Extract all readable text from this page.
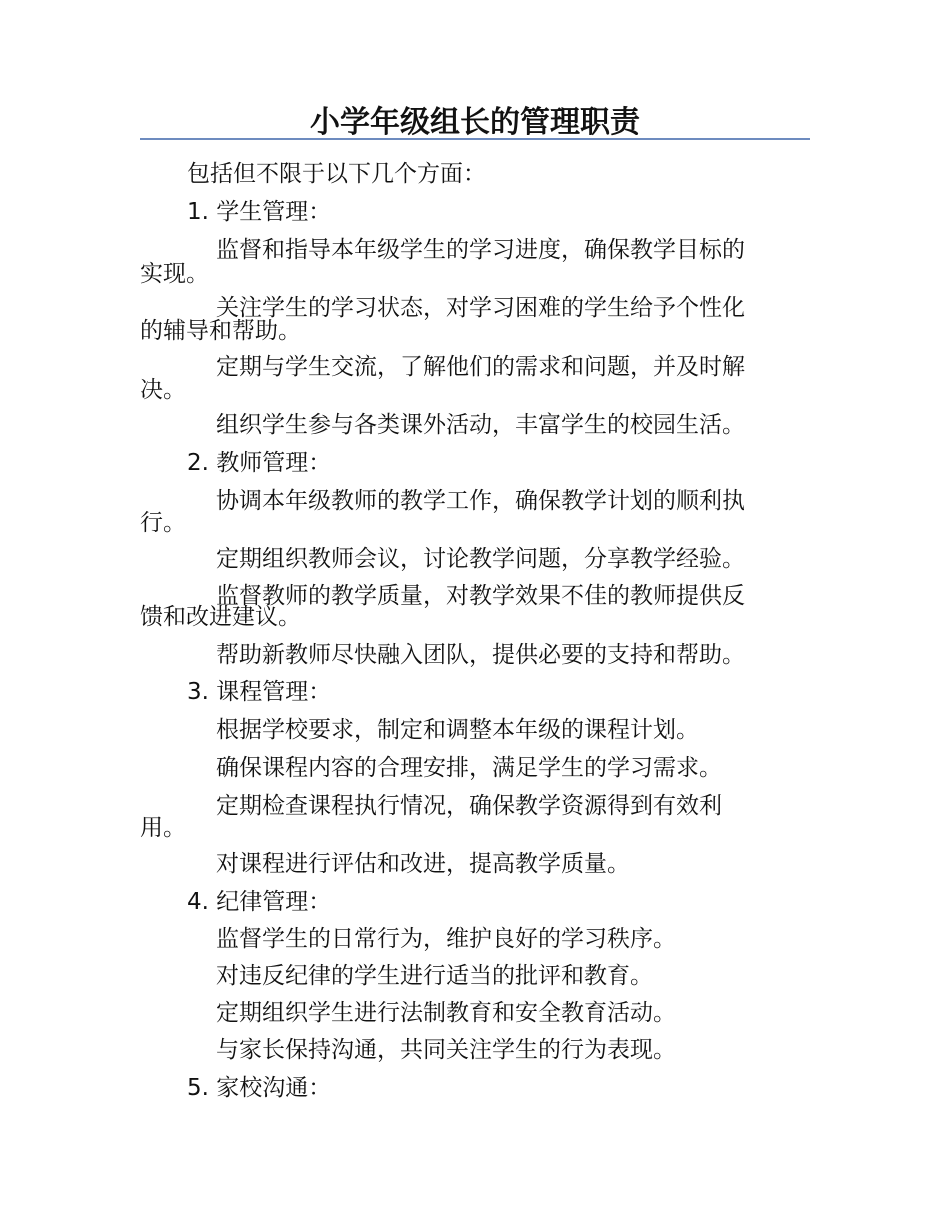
小学年级组长的管理职责
包括但不限于以下几个方面：
1. 学生管理：
监督和指导本年级学生的学习进度，确保教学目标的
实现。
关注学生的学习状态，对学习困难的学生给予个性化
的辅导和帮助。
定期与学生交流，了解他们的需求和问题，并及时解
决。
组织学生参与各类课外活动，丰富学生的校园生活。
2. 教师管理：
协调本年级教师的教学工作，确保教学计划的顺利执
行。
定期组织教师会议，讨论教学问题，分享教学经验。
监督教师的教学质量，对教学效果不佳的教师提供反
馈和改进建议。
帮助新教师尽快融入团队，提供必要的支持和帮助。
3. 课程管理：
根据学校要求，制定和调整本年级的课程计划。
确保课程内容的合理安排，满足学生的学习需求。
定期检查课程执行情况，确保教学资源得到有效利
用。
对课程进行评估和改进，提高教学质量。
4. 纪律管理：
监督学生的日常行为，维护良好的学习秩序。
对违反纪律的学生进行适当的批评和教育。
定期组织学生进行法制教育和安全教育活动。
与家长保持沟通，共同关注学生的行为表现。
5. 家校沟通：
